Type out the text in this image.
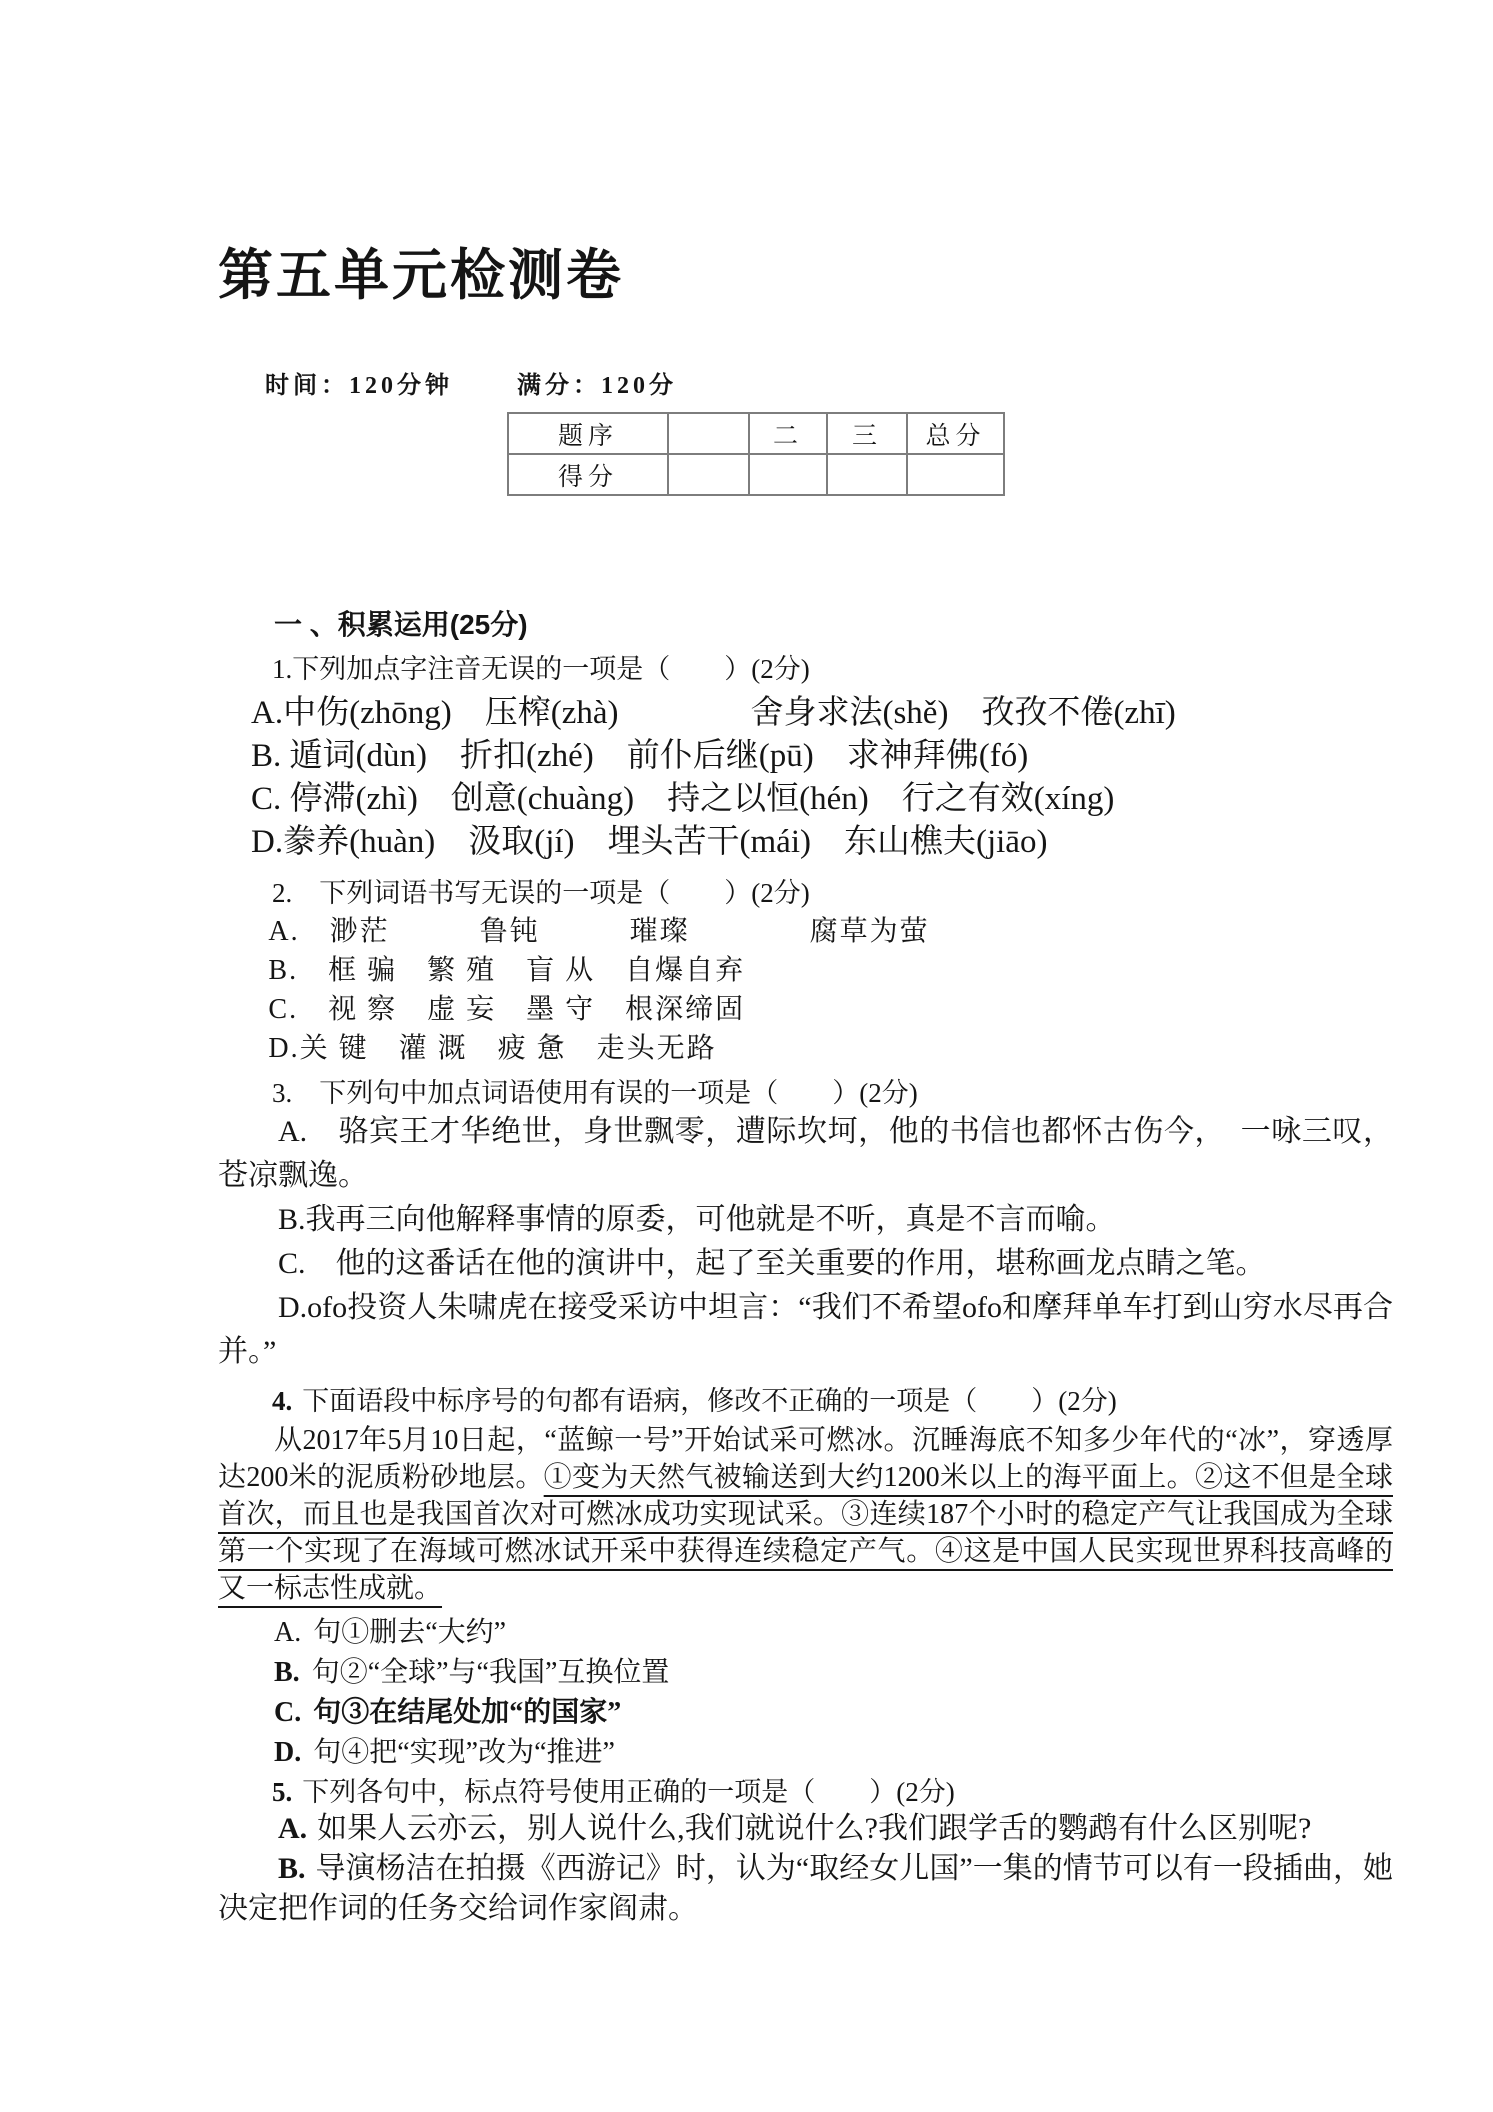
第五单元检测卷
时间：120分钟	满分：120分
题序		二	三	总分
得分				
一 、积累运用(25分)

1.下列加点字注音无误的一项是（　　）(2分)

A.中伤(zhōng)　压榨(zhà)　　　　舍身求法(shě)　孜孜不倦(zhī)

B. 遁词(dùn)　折扣(zhé)　前仆后继(pū)　求神拜佛(fó)

C. 停滞(zhì)　创意(chuàng)　持之以恒(hén)　行之有效(xíng)

D.豢养(huàn)　汲取(jí)　埋头苦干(mái)　东山樵夫(jiāo)

2.　下列词语书写无误的一项是（　　）(2分)

A.　渺茫　　　鲁钝　　　璀璨　　　　腐草为萤

B.　框 骗　繁 殖　盲 从　自爆自弃

C.　视 察　虚 妄　墨 守　根深缔固

D.关 键　灌 溉　疲 惫　走头无路

3.　下列句中加点词语使用有误的一项是（　　）(2分)

A.　骆宾王才华绝世，身世飘零，遭际坎坷，他的书信也都怀古伤今，　一咏三叹，苍凉飘逸。

B.我再三向他解释事情的原委，可他就是不听，真是不言而喻。

C.　他的这番话在他的演讲中，起了至关重要的作用，堪称画龙点睛之笔。

D.ofo投资人朱啸虎在接受采访中坦言：“我们不希望ofo和摩拜单车打到山穷水尽再合并。”

4. 下面语段中标序号的句都有语病，修改不正确的一项是（　　）(2分)

从2017年5月10日起，“蓝鲸一号”开始试采可燃冰。沉睡海底不知多少年代的“冰”，穿透厚达200米的泥质粉砂地层。①变为天然气被输送到大约1200米以上的海平面上。②这不但是全球首次，而且也是我国首次对可燃冰成功实现试采。③连续187个小时的稳定产气让我国成为全球第一个实现了在海域可燃冰试开采中获得连续稳定产气。④这是中国人民实现世界科技高峰的又一标志性成就。

A. 句①删去“大约”

B. 句②“全球”与“我国”互换位置

C. 句③在结尾处加“的国家”

D. 句④把“实现”改为“推进”

5. 下列各句中，标点符号使用正确的一项是（　　）(2分)

A. 如果人云亦云，别人说什么,我们就说什么?我们跟学舌的鹦鹉有什么区别呢?

B. 导演杨洁在拍摄《西游记》时，认为“取经女儿国”一集的情节可以有一段插曲，她决定把作词的任务交给词作家阎肃。
